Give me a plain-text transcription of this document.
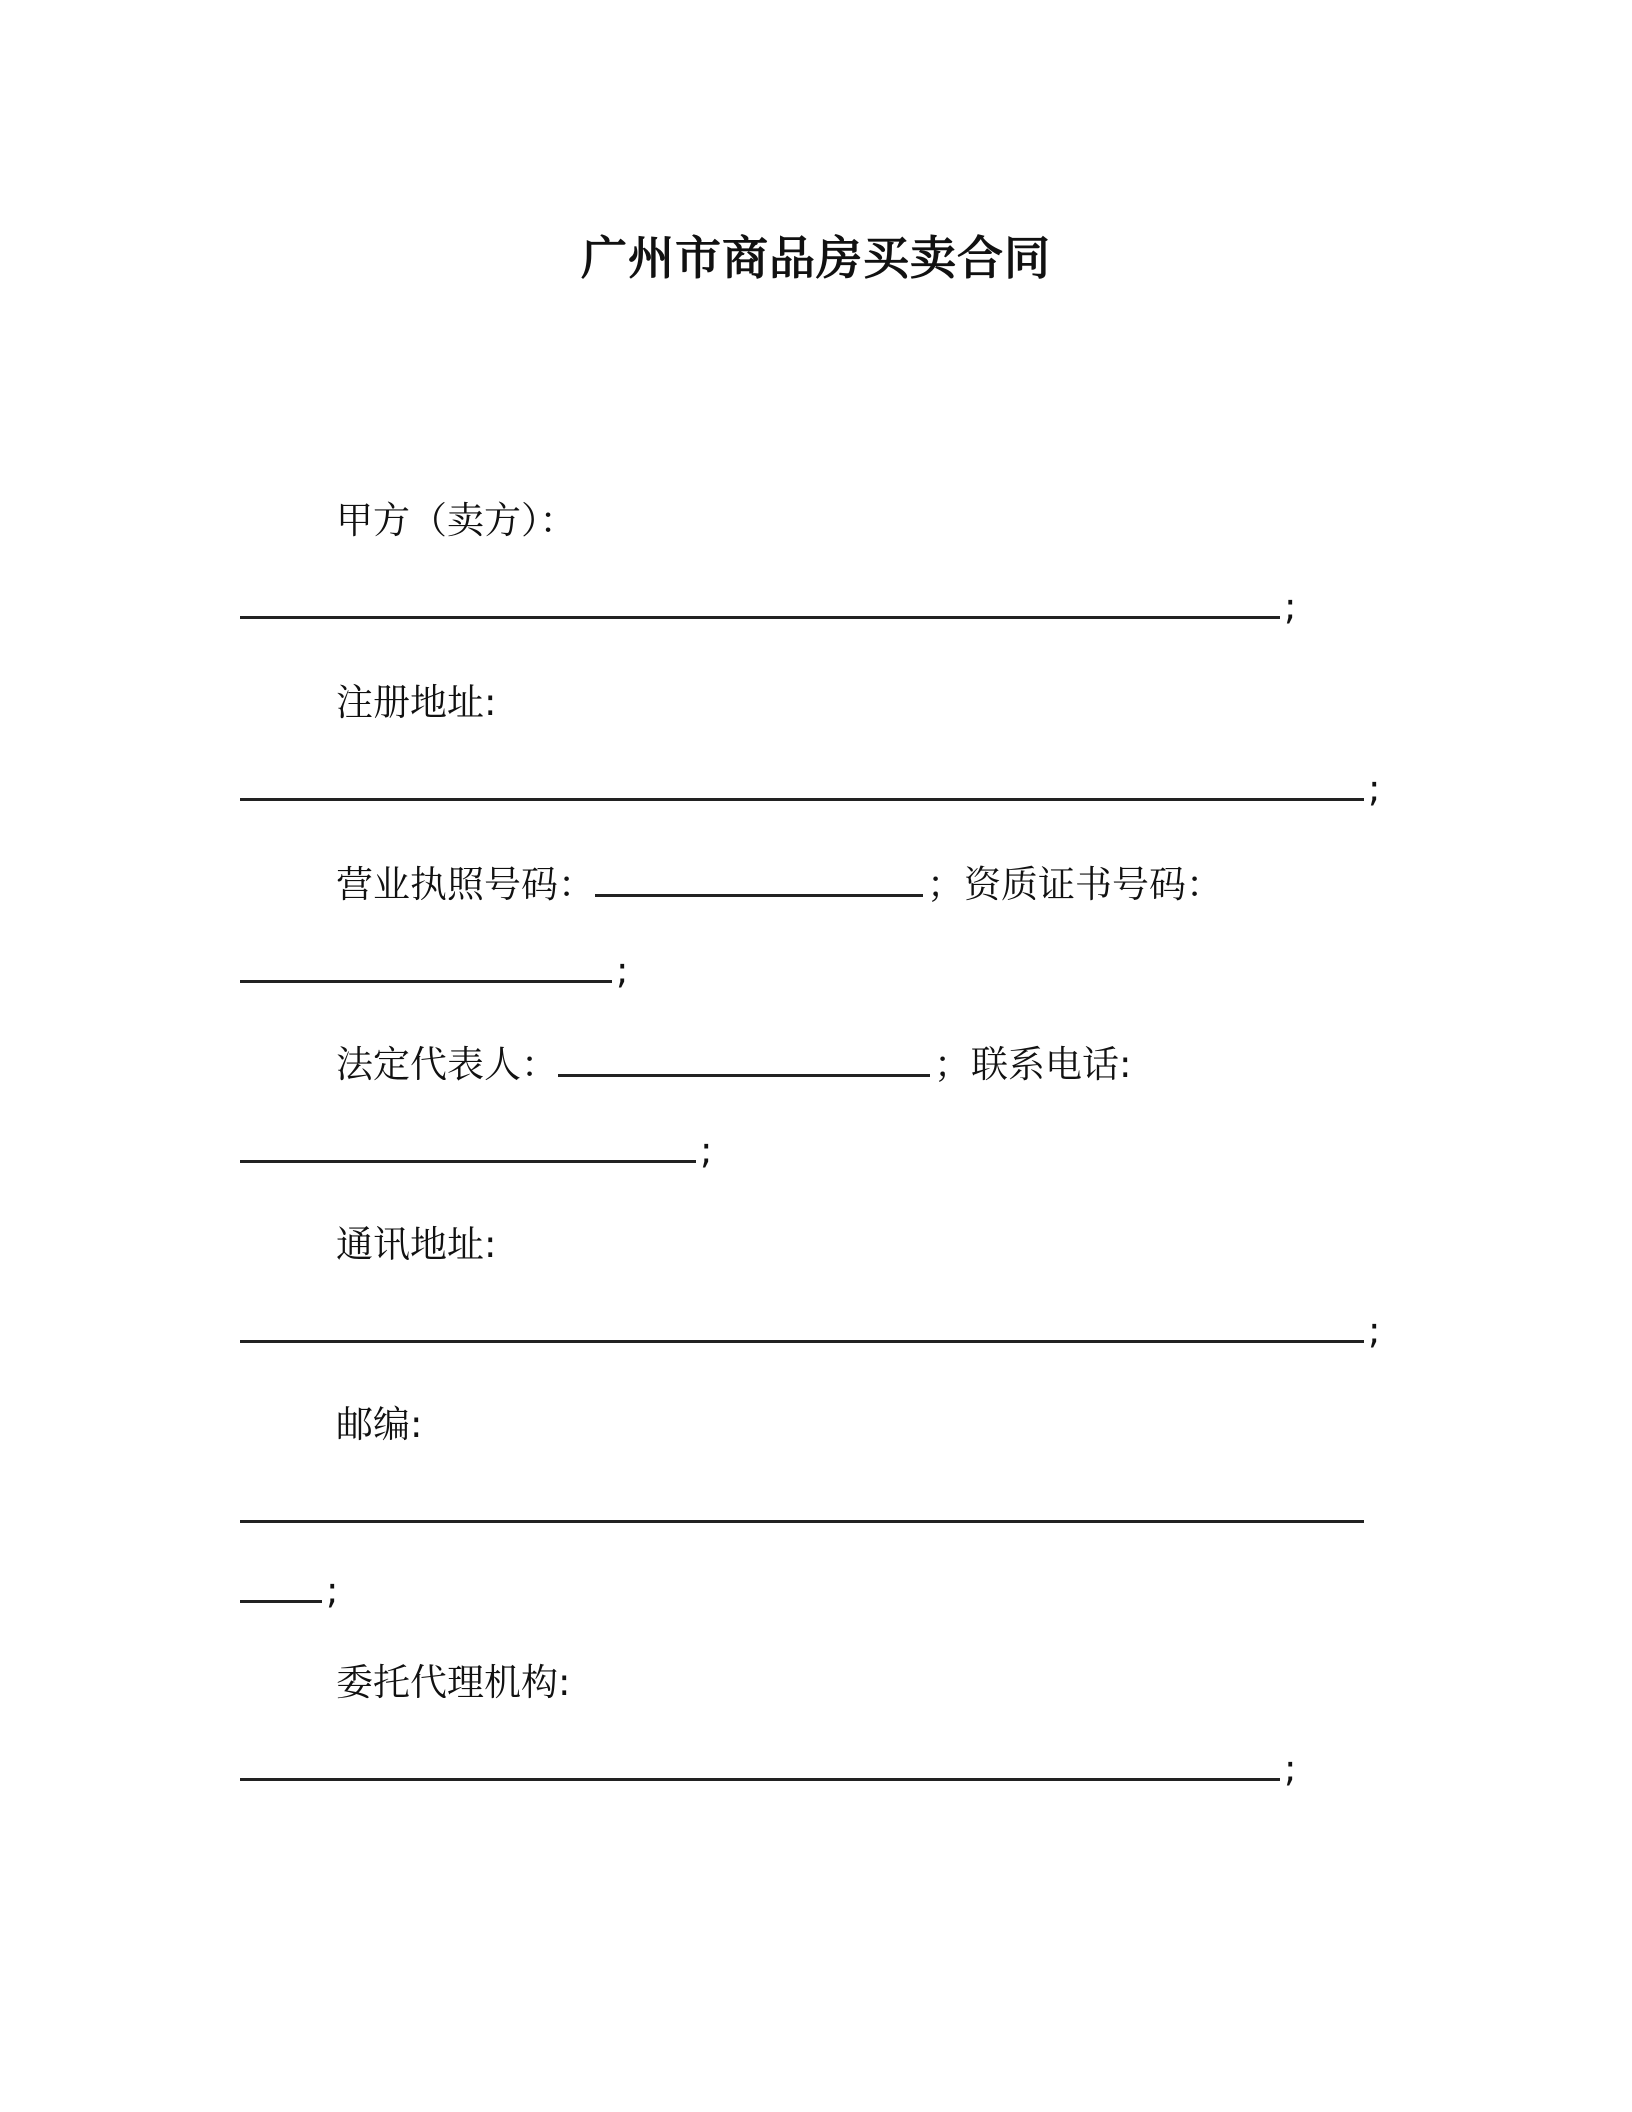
广州市商品房买卖合同
甲方（卖方）：
;
注册地址:
;
营业执照号码：	；资质证书号码：
;
法定代表人：	；联系电话:
;
通讯地址:
;
邮编:
;
委托代理机构:
;
